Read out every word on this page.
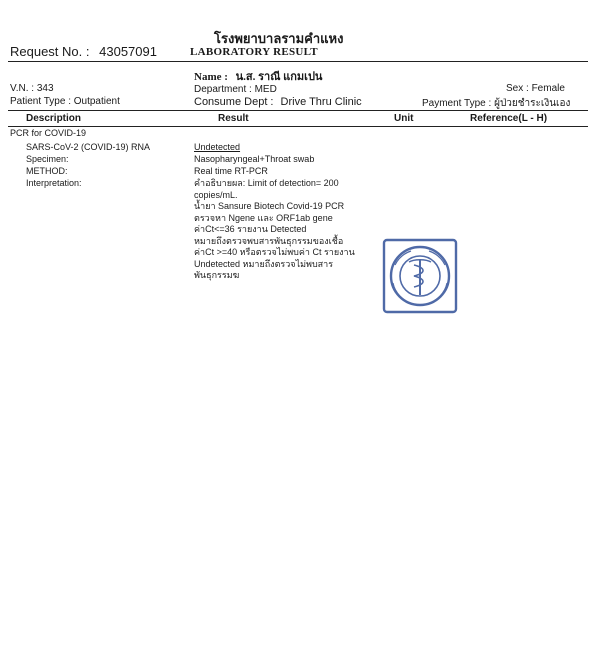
โรงพยาบาลรามคำแหง
LABORATORY RESULT
Request No. : 43057091
Name : น.ส. ราณี แกมเปน
V.N. : 343	Department : MED	Sex : Female
Patient Type : Outpatient	Consume Dept : Drive Thru Clinic	Payment Type : ผู้ป่วยชำระเงินเอง
Description	Result	Unit	Reference(L - H)
PCR for COVID-19
SARS-CoV-2 (COVID-19) RNA	Undetected
Specimen:	Nasopharyngeal+Throat swab
METHOD:	Real time RT-PCR
Interpretation:	คำอธิบายผล: Limit of detection= 200
copies/mL.
น้ำยา Sansure Biotech Covid-19 PCR
ตรวจหา Ngene และ ORF1ab gene
ค่าCt<=36 รายงาน Detected
หมายถึงตรวจพบสารพันธุกรรมของเชื้อ
ค่าCt >=40 หรือตรวจไม่พบค่า Ct รายงาน
Undetected หมายถึงตรวจไม่พบสาร
พันธุกรรมฆ
